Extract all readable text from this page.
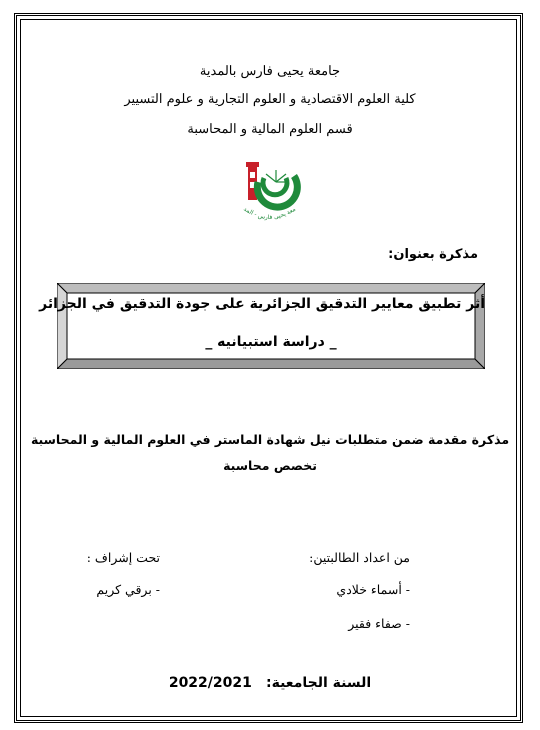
جامعة يحيى فارس بالمدية
كلية العلوم الاقتصادية و العلوم التجارية و علوم التسيير
قسم العلوم المالية و المحاسبة
معة يحيى فارس - المد
مذكرة بعنوان:
أثر تطبيق معايير التدقيق الجزائرية على جودة التدقيق في الجزائر
_ دراسة استبيانيه _
مذكرة مقدمة ضمن متطلبات نيل شهادة الماستر في العلوم المالية و المحاسبة
تخصص محاسبة
من اعداد الطالبتين:
تحت إشراف :
- أسماء خلادي
- برقي كريم
- صفاء فقير
السنة الجامعية:   2022/2021
